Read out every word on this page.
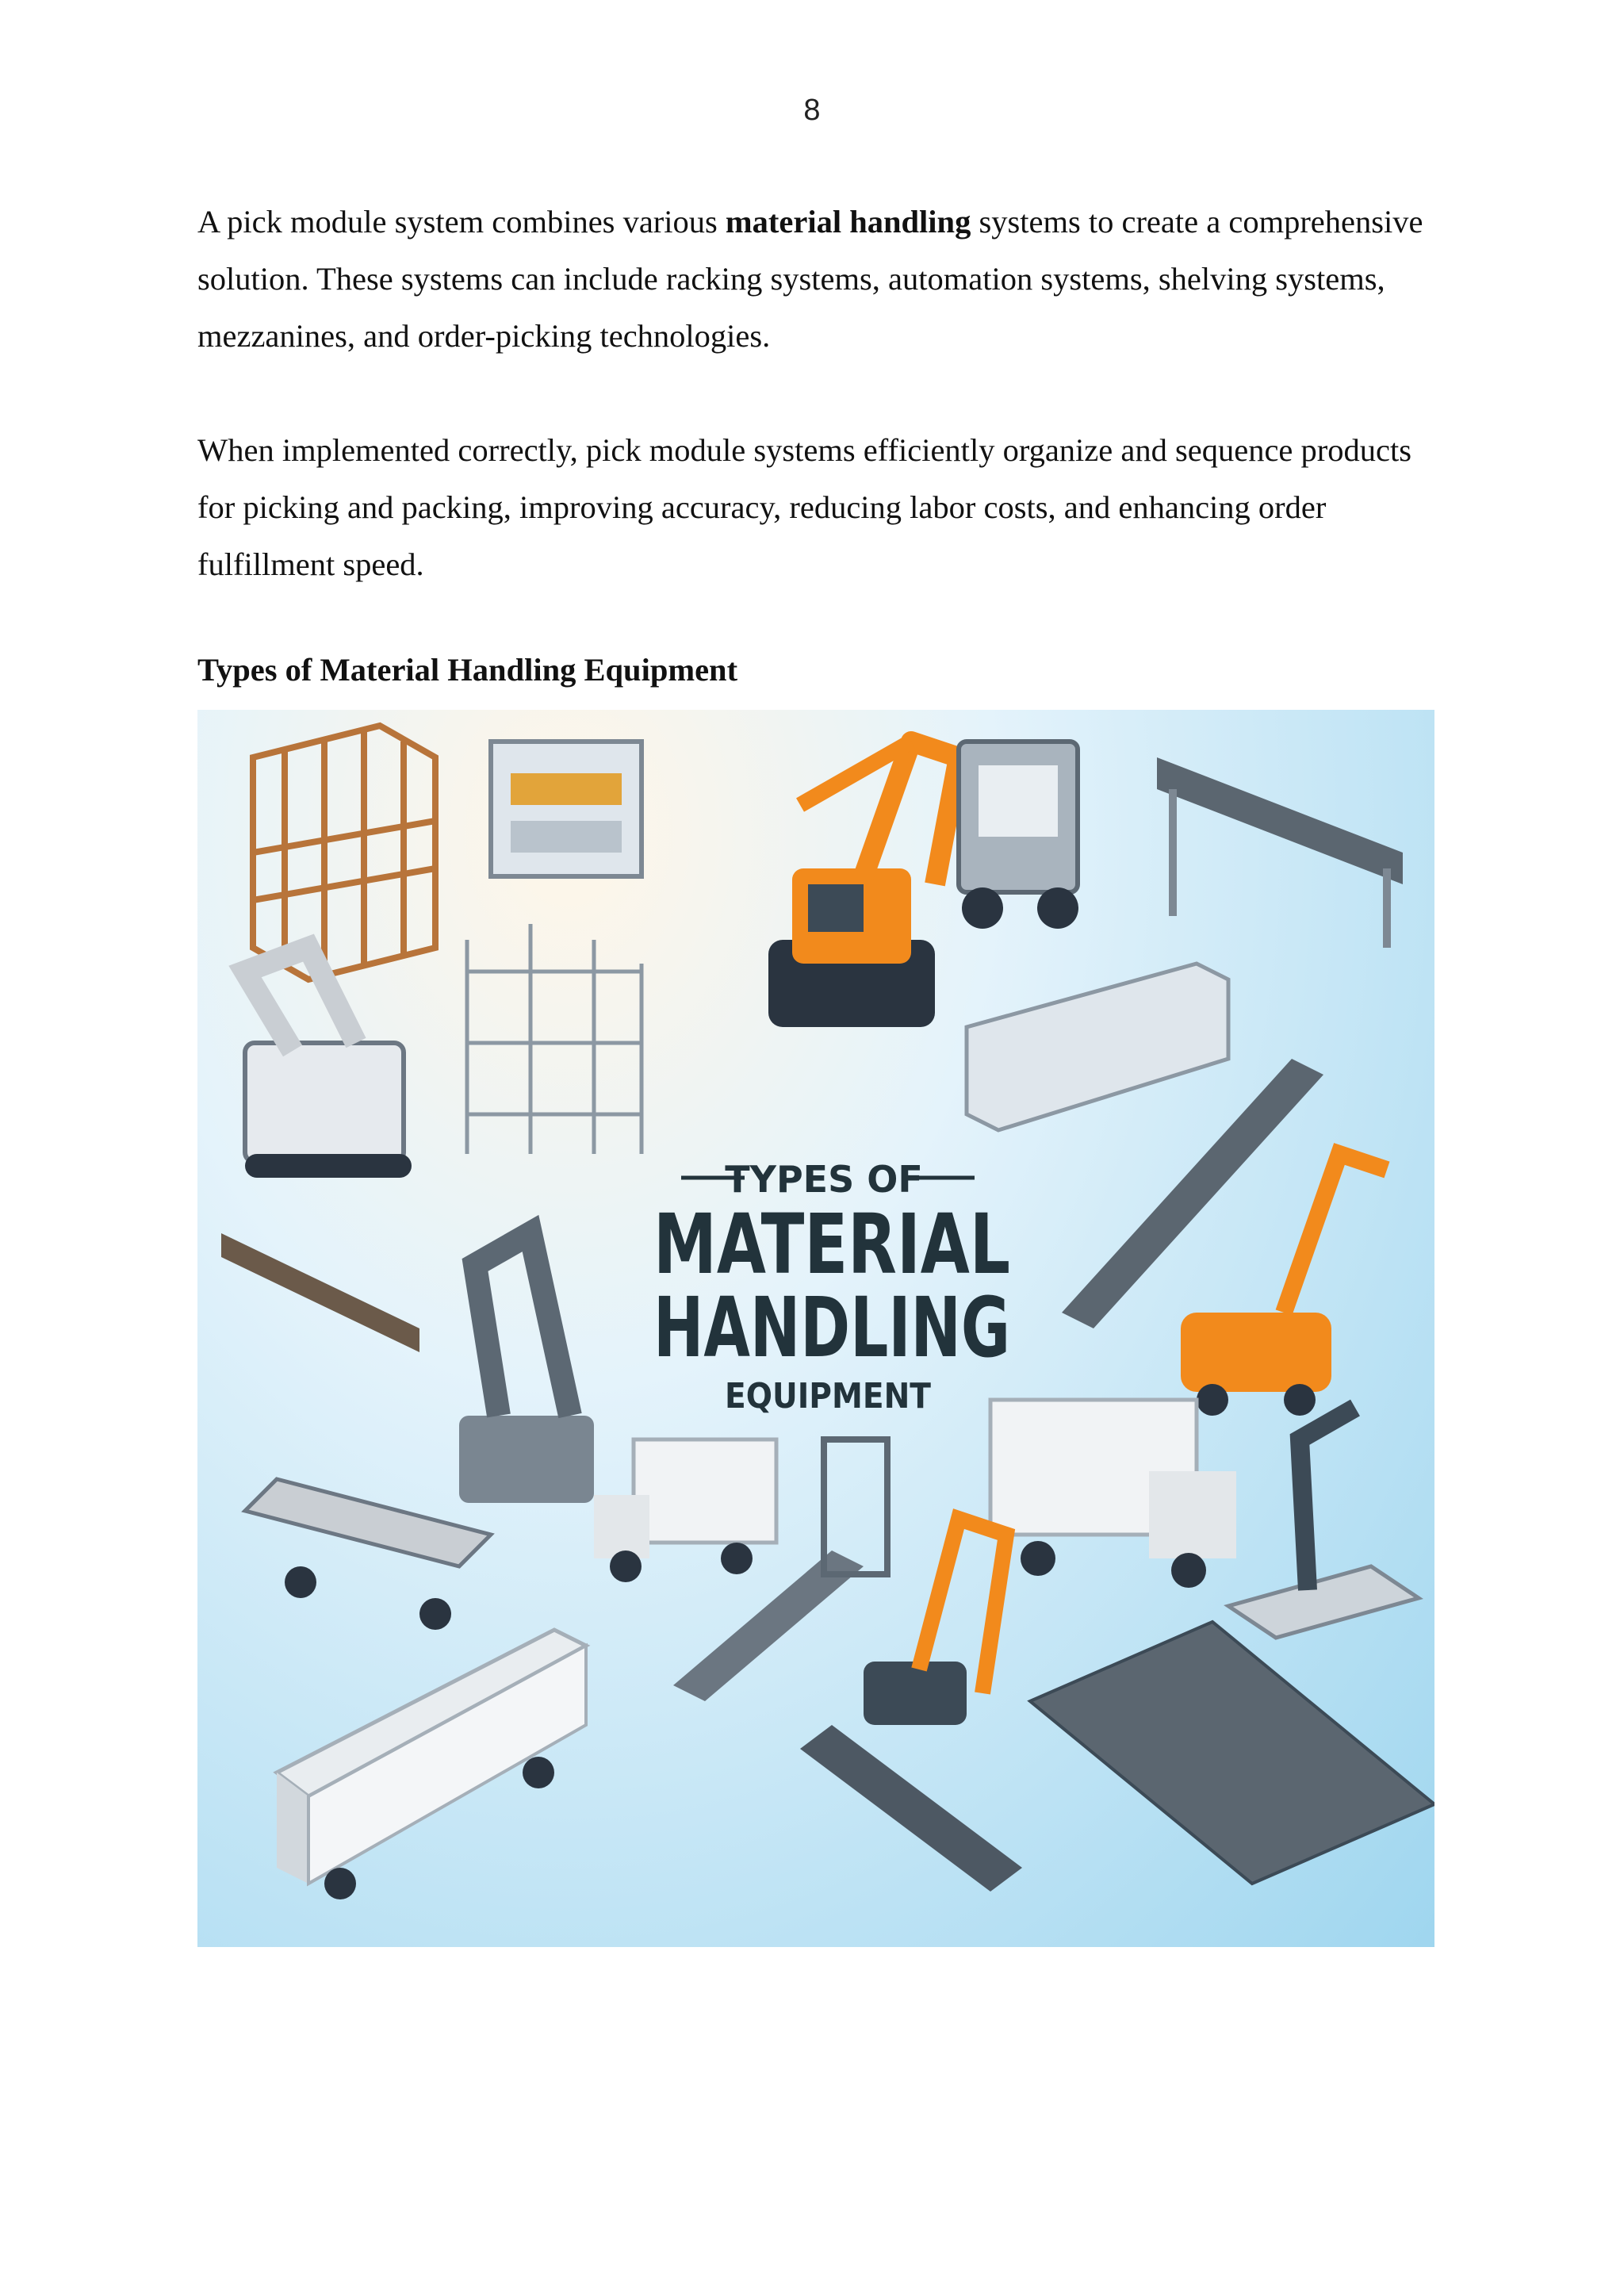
8

A pick module system combines various material handling systems to create a comprehensive solution. These systems can include racking systems, automation systems, shelving systems, mezzanines, and order-picking technologies.

When implemented correctly, pick module systems efficiently organize and sequence products for picking and packing, improving accuracy, reducing labor costs, and enhancing order fulfillment speed.

Types of Material Handling Equipment
TYPES OF
MATERIAL
HANDLING
EQUIPMENT
